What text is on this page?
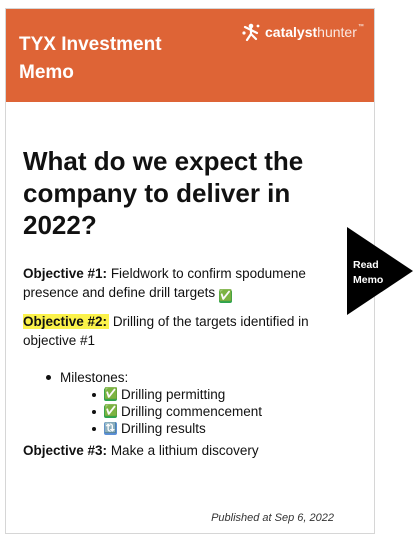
TYX Investment Memo
catalysthunter™
What do we expect the company to deliver in 2022?
Objective #1: Fieldwork to confirm spodumene presence and define drill targets ✅
Objective #2: Drilling of the targets identified in objective #1
Milestones:
✅ Drilling permitting
✅ Drilling commencement
🔃 Drilling results
Objective #3: Make a lithium discovery
Published at Sep 6, 2022
Read
Memo
